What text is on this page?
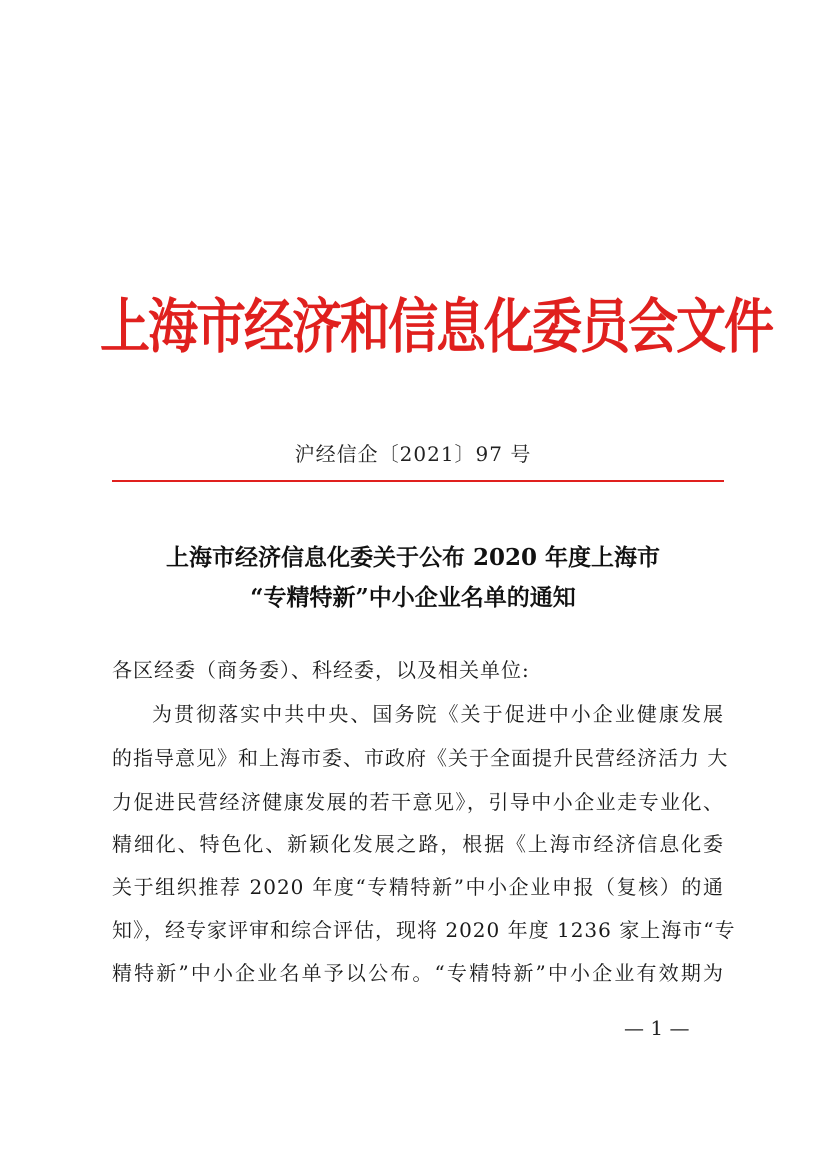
上海市经济和信息化委员会文件
沪经信企〔2021〕97 号
上海市经济信息化委关于公布 2020 年度上海市
“专精特新”中小企业名单的通知
各区经委（商务委）、科经委，以及相关单位:
为贯彻落实中共中央、国务院《关于促进中小企业健康发展
的指导意见》和上海市委、市政府《关于全面提升民营经济活力 大
力促进民营经济健康发展的若干意见》，引导中小企业走专业化、
精细化、特色化、新颖化发展之路，根据《上海市经济信息化委
关于组织推荐 2020 年度“专精特新”中小企业申报（复核）的通
知》，经专家评审和综合评估，现将 2020 年度 1236 家上海市“专
精特新”中小企业名单予以公布。“专精特新”中小企业有效期为
— 1 —
